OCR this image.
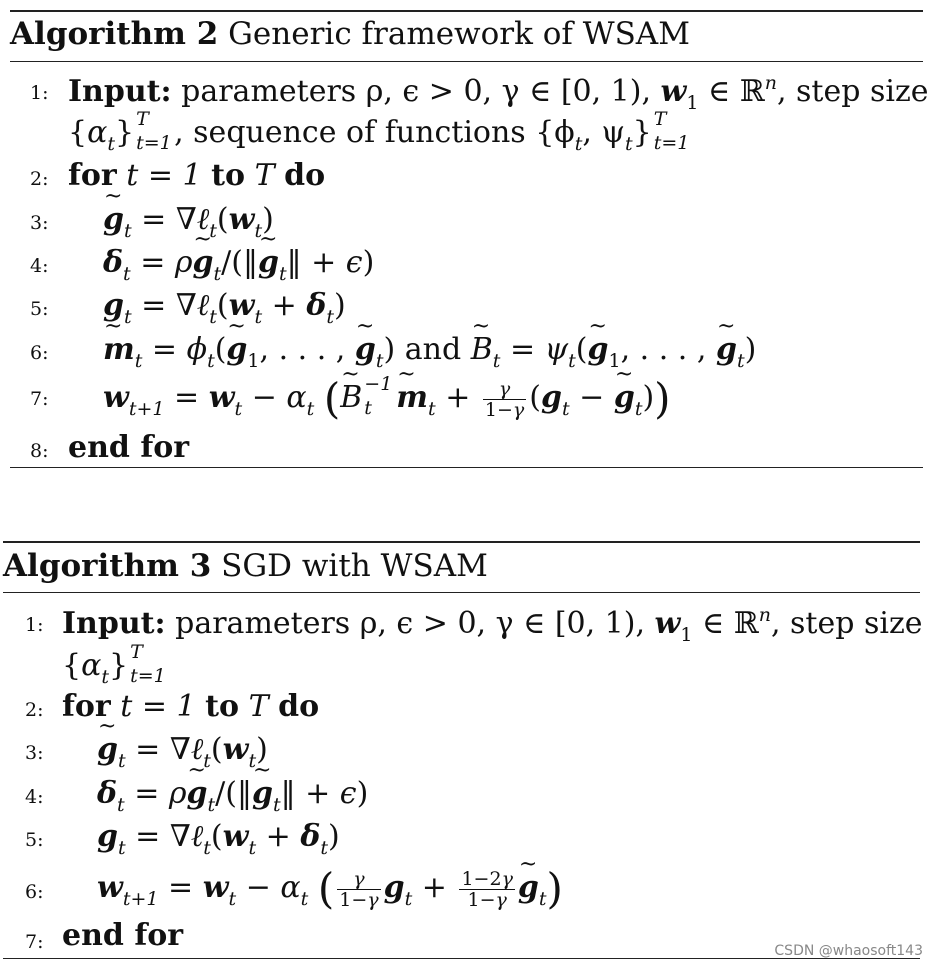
Algorithm 2 Generic framework of WSAM
1: Input: parameters ρ, ϵ > 0, γ ∈ [0, 1), $w_1$ ∈ ℝ$^n$, step size
$\{\alpha_t\}$ T
t=1 , sequence of functions {$\phi_t$, $\psi_t$} T
t=1
2: for t = 1 to T do
3: ~ $g_t$ = $\nabla\ell_t(w_t)$
4: $\delta_t$ = ρ~ $g_t/(‖\sim$ $g_t‖ + \epsilon$)
5: $g_t$ = $\nabla\ell_t(w_t + \delta_t)$
6: ~ $m_t$ = $\phi_t(\sim$ $g_1$, . . . , ~ $g_t$) and ~ $B_t$ = $\psi_t(\sim$ $g_1$, . . . , ~ $g_t$)
7: $w_{t+1} = w_t - \alpha_t$ (~ B −1
t ~ $m_t + \frac{\gamma}{1-\gamma} (g_t$ − ~ $g_t$))
8: end for
Algorithm 3 SGD with WSAM
1: Input: parameters ρ, ϵ > 0, γ ∈ [0, 1), $w_1$ ∈ ℝ$^n$, step size
$\{\alpha_t\}$ T
t=1
2: for t = 1 to T do
3: ~ $g_t$ = $\nabla\ell_t(w_t)$
4: $\delta_t$ = ρ~ $g_t/(‖\sim$ $g_t‖ + \epsilon$)
5: $g_t$ = $\nabla\ell_t(w_t + \delta_t)$
6: $w_{t+1} = w_t - \alpha_t$ ( $\frac{\gamma}{1-\gamma} g_t + \frac{1-2\gamma}{1-\gamma}$ ~ $g_t$)
7: end for	CSDN @whaosoft143
